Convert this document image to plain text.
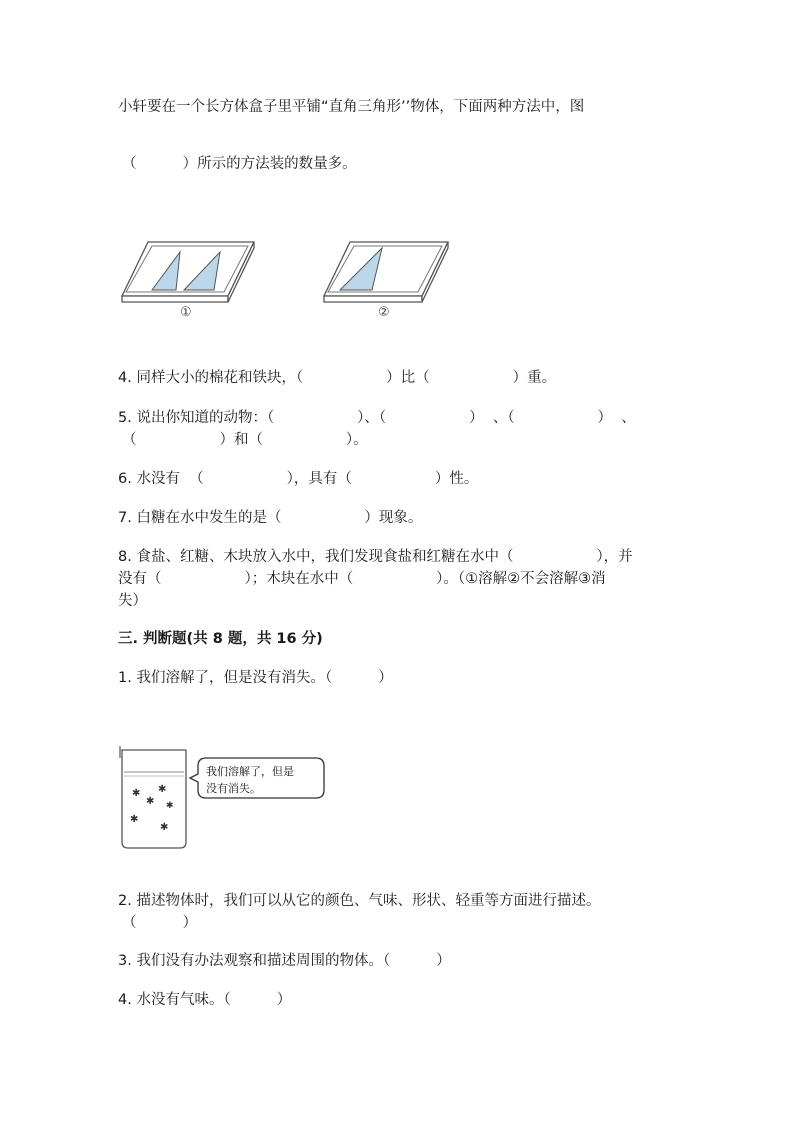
小轩要在一个长方体盒子里平铺“直角三角形’’物体，下面两种方法中，图
（          ）所示的方法装的数量多。
①	②
4. 同样大小的棉花和铁块，（                  ）比（                  ）重。
5. 说出你知道的动物：（                  ）、（                  ）  、（                  ）  、
（                  ）和（                  ）。
6. 水没有  （                  ），具有（                  ）性。
7. 白糖在水中发生的是（                  ）现象。
8. 食盐、红糖、木块放入水中，我们发现食盐和红糖在水中（                  ），并
没有（                  ）；木块在水中（                  ）。（①溶解②不会溶解③消
失）
三. 判断题(共 8 题，共 16 分)
1. 我们溶解了，但是没有消失。（          ）
✱ ✱
✱ ✱
✱
✱
我们溶解了，但是
没有消失。
2. 描述物体时，我们可以从它的颜色、气味、形状、轻重等方面进行描述。
（          ）
3. 我们没有办法观察和描述周围的物体。（          ）
4. 水没有气味。（          ）
